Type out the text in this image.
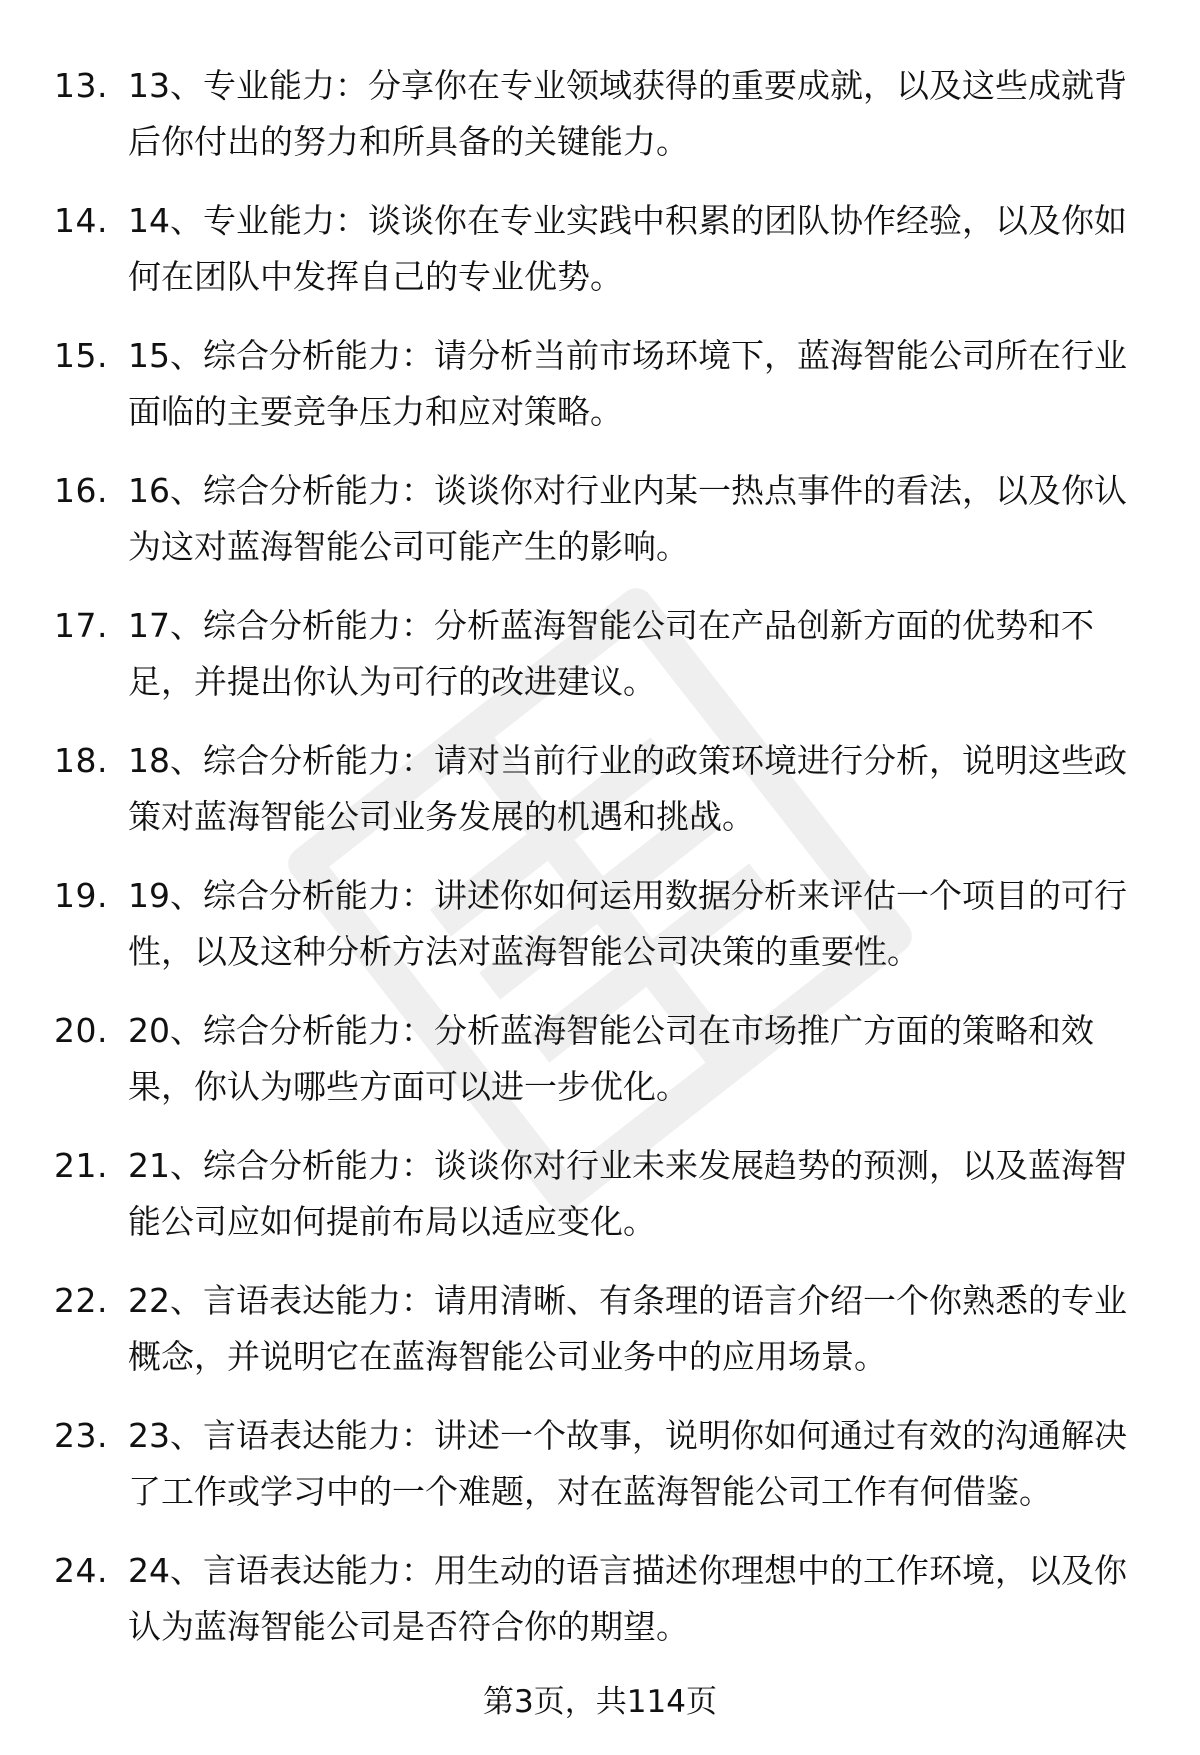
13. 13、专业能力：分享你在专业领域获得的重要成就，以及这些成就背后你付出的努力和所具备的关键能力。
14. 14、专业能力：谈谈你在专业实践中积累的团队协作经验，以及你如何在团队中发挥自己的专业优势。
15. 15、综合分析能力：请分析当前市场环境下，蓝海智能公司所在行业面临的主要竞争压力和应对策略。
16. 16、综合分析能力：谈谈你对行业内某一热点事件的看法，以及你认为这对蓝海智能公司可能产生的影响。
17. 17、综合分析能力：分析蓝海智能公司在产品创新方面的优势和不足，并提出你认为可行的改进建议。
18. 18、综合分析能力：请对当前行业的政策环境进行分析，说明这些政策对蓝海智能公司业务发展的机遇和挑战。
19. 19、综合分析能力：讲述你如何运用数据分析来评估一个项目的可行性，以及这种分析方法对蓝海智能公司决策的重要性。
20. 20、综合分析能力：分析蓝海智能公司在市场推广方面的策略和效果，你认为哪些方面可以进一步优化。
21. 21、综合分析能力：谈谈你对行业未来发展趋势的预测，以及蓝海智能公司应如何提前布局以适应变化。
22. 22、言语表达能力：请用清晰、有条理的语言介绍一个你熟悉的专业概念，并说明它在蓝海智能公司业务中的应用场景。
23. 23、言语表达能力：讲述一个故事，说明你如何通过有效的沟通解决了工作或学习中的一个难题，对在蓝海智能公司工作有何借鉴。
24. 24、言语表达能力：用生动的语言描述你理想中的工作环境，以及你认为蓝海智能公司是否符合你的期望。
第3页，共114页
